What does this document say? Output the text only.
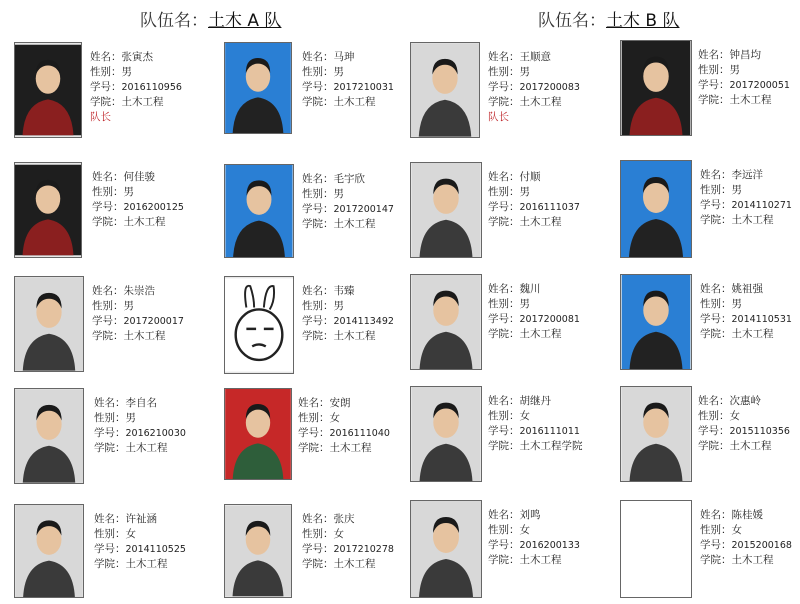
队伍名：土木 A 队	队伍名：土木 B 队
姓名：张寅杰
性别：男
学号：2016110956
学院：土木工程
队长
姓名：马珅
性别：男
学号：2017210031
学院：土木工程
姓名：何佳骏
性别：男
学号：2016200125
学院：土木工程
姓名：毛宇欣
性别：男
学号：2017200147
学院：土木工程
姓名：朱崇浩
性别：男
学号：2017200017
学院：土木工程
姓名：韦臻
性别：男
学号：2014113492
学院：土木工程
姓名：李自名
性别：男
学号：2016210030
学院：土木工程
姓名：安朗
性别：女
学号：2016111040
学院：土木工程
姓名：许祉涵
性别：女
学号：2014110525
学院：土木工程
姓名：张庆
性别：女
学号：2017210278
学院：土木工程
姓名：王顺意
性别：男
学号：2017200083
学院：土木工程
队长
姓名：钟昌均
性别：男
学号：2017200051
学院：土木工程
姓名：付顺
性别：男
学号：2016111037
学院：土木工程
姓名：李远洋
性别：男
学号：2014110271
学院：土木工程
姓名：魏川
性别：男
学号：2017200081
学院：土木工程
姓名：姚祖强
性别：男
学号：2014110531
学院：土木工程
姓名：胡继丹
性别：女
学号：2016111011
学院：土木工程学院
姓名：次惠岭
性别：女
学号：2015110356
学院：土木工程
姓名：刘鸣
性别：女
学号：2016200133
学院：土木工程
姓名：陈桂媛
性别：女
学号：2015200168
学院：土木工程
